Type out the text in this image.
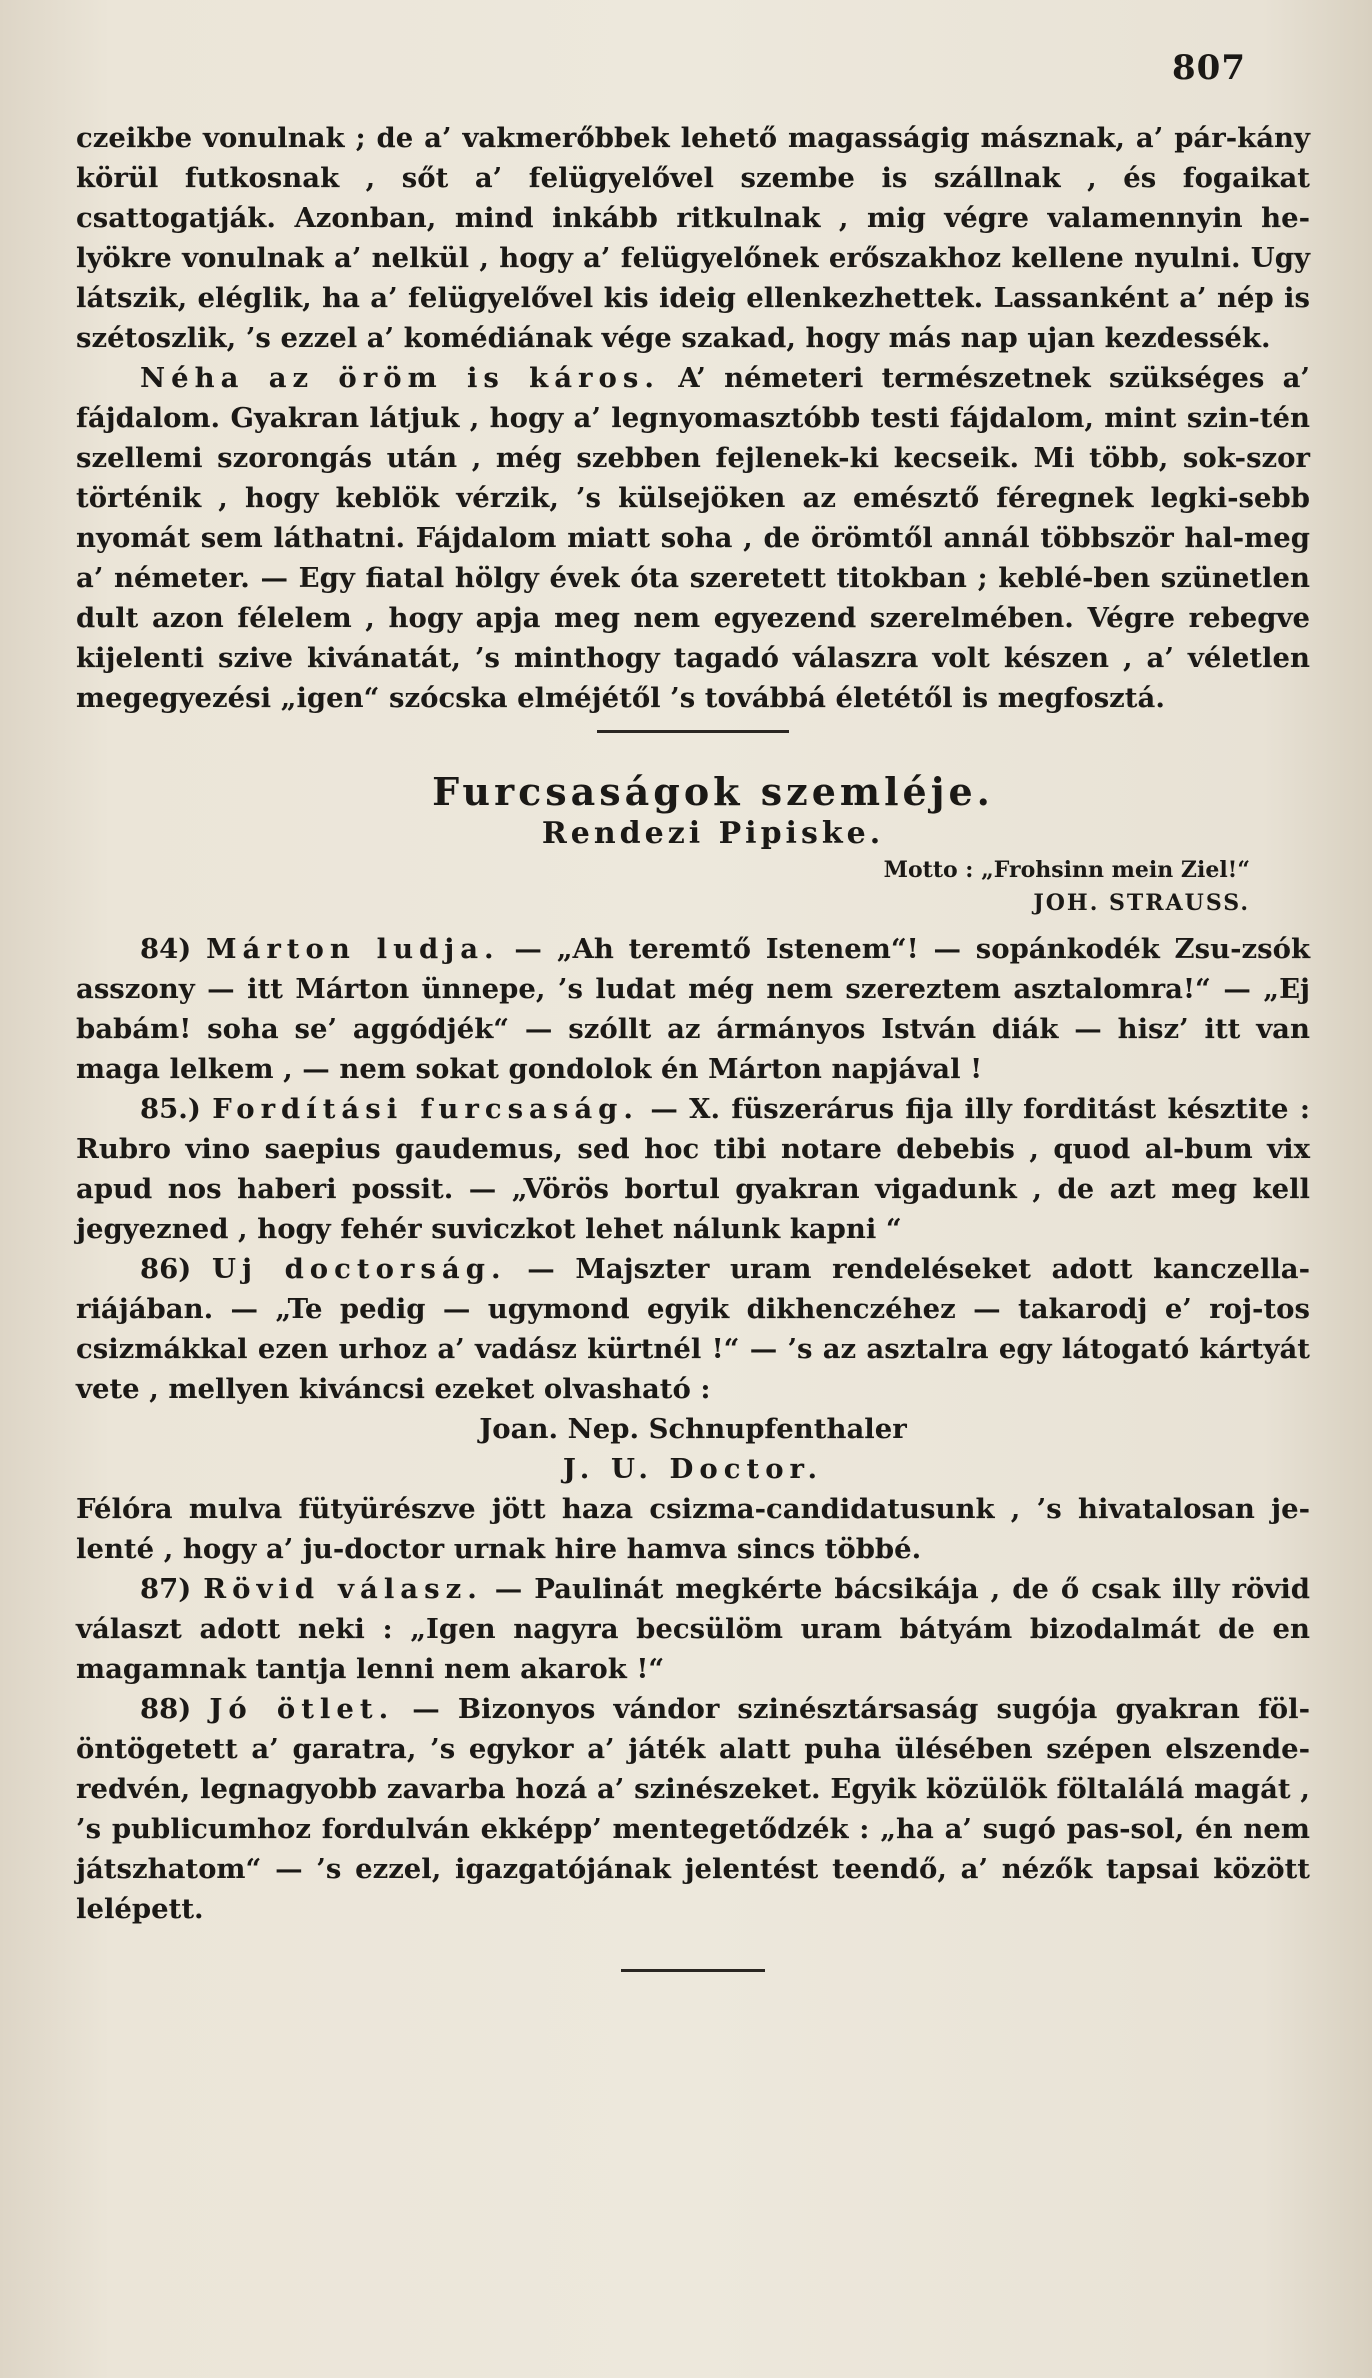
807

czeikbe vonulnak ; de a’ vakmerőbbek lehető magasságig másznak, a’ pár-kány körül futkosnak , sőt a’ felügyelővel szembe is szállnak , és fogaikat csattogatják. Azonban, mind inkább ritkulnak , mig végre valamennyin he-lyökre vonulnak a’ nelkül , hogy a’ felügyelőnek erőszakhoz kellene nyulni. Ugy látszik, eléglik, ha a’ felügyelővel kis ideig ellenkezhettek. Lassanként a’ nép is szétoszlik, ’s ezzel a’ komédiának vége szakad, hogy más nap ujan kezdessék.

Néha az öröm is káros. A’ németeri természetnek szükséges a’ fájdalom. Gyakran látjuk , hogy a’ legnyomasztóbb testi fájdalom, mint szin-tén szellemi szorongás után , még szebben fejlenek-ki kecseik. Mi több, sok-szor történik , hogy keblök vérzik, ’s külsejöken az emésztő féregnek legki-sebb nyomát sem láthatni. Fájdalom miatt soha , de örömtől annál többször hal-meg a’ németer. — Egy fiatal hölgy évek óta szeretett titokban ; keblé-ben szünetlen dult azon félelem , hogy apja meg nem egyezend szerelmében. Végre rebegve kijelenti szive kivánatát, ’s minthogy tagadó válaszra volt készen , a’ véletlen megegyezési „igen“ szócska elméjétől ’s továbbá életétől is megfosztá.

Furcsaságok szemléje.
Rendezi Pipiske.
Motto : „Frohsinn mein Ziel!“
JOH. STRAUSS.

84) Márton ludja. — „Ah teremtő Istenem“! — sopánkodék Zsu-zsók asszony — itt Márton ünnepe, ’s ludat még nem szereztem asztalomra!“ — „Ej babám! soha se’ aggódjék“ — szóllt az ármányos István diák — hisz’ itt van maga lelkem , — nem sokat gondolok én Márton napjával !

85.) Fordítási furcsaság. — X. füszerárus fija illy forditást késztite : Rubro vino saepius gaudemus, sed hoc tibi notare debebis , quod al-bum vix apud nos haberi possit. — „Vörös bortul gyakran vigadunk , de azt meg kell jegyezned , hogy fehér suviczkot lehet nálunk kapni “

86) Uj doctorság. — Majszter uram rendeléseket adott kanczella-riájában. — „Te pedig — ugymond egyik dikhenczéhez — takarodj e’ roj-tos csizmákkal ezen urhoz a’ vadász kürtnél !“ — ’s az asztalra egy látogató kártyát vete , mellyen kiváncsi ezeket olvasható :

Joan. Nep. Schnupfenthaler
J. U. Doctor.

Félóra mulva fütyürészve jött haza csizma-candidatusunk , ’s hivatalosan je-lenté , hogy a’ ju-doctor urnak hire hamva sincs többé.

87) Rövid válasz. — Paulinát megkérte bácsikája , de ő csak illy rövid választ adott neki : „Igen nagyra becsülöm uram bátyám bizodalmát de en magamnak tantja lenni nem akarok !“

88) Jó ötlet. — Bizonyos vándor szinésztársaság sugója gyakran föl-öntögetett a’ garatra, ’s egykor a’ játék alatt puha ülésében szépen elszende-redvén, legnagyobb zavarba hozá a’ szinészeket. Egyik közülök föltalálá magát , ’s publicumhoz fordulván ekképp’ mentegetődzék : „ha a’ sugó pas-sol, én nem játszhatom“ — ’s ezzel, igazgatójának jelentést teendő, a’ nézők tapsai között lelépett.
